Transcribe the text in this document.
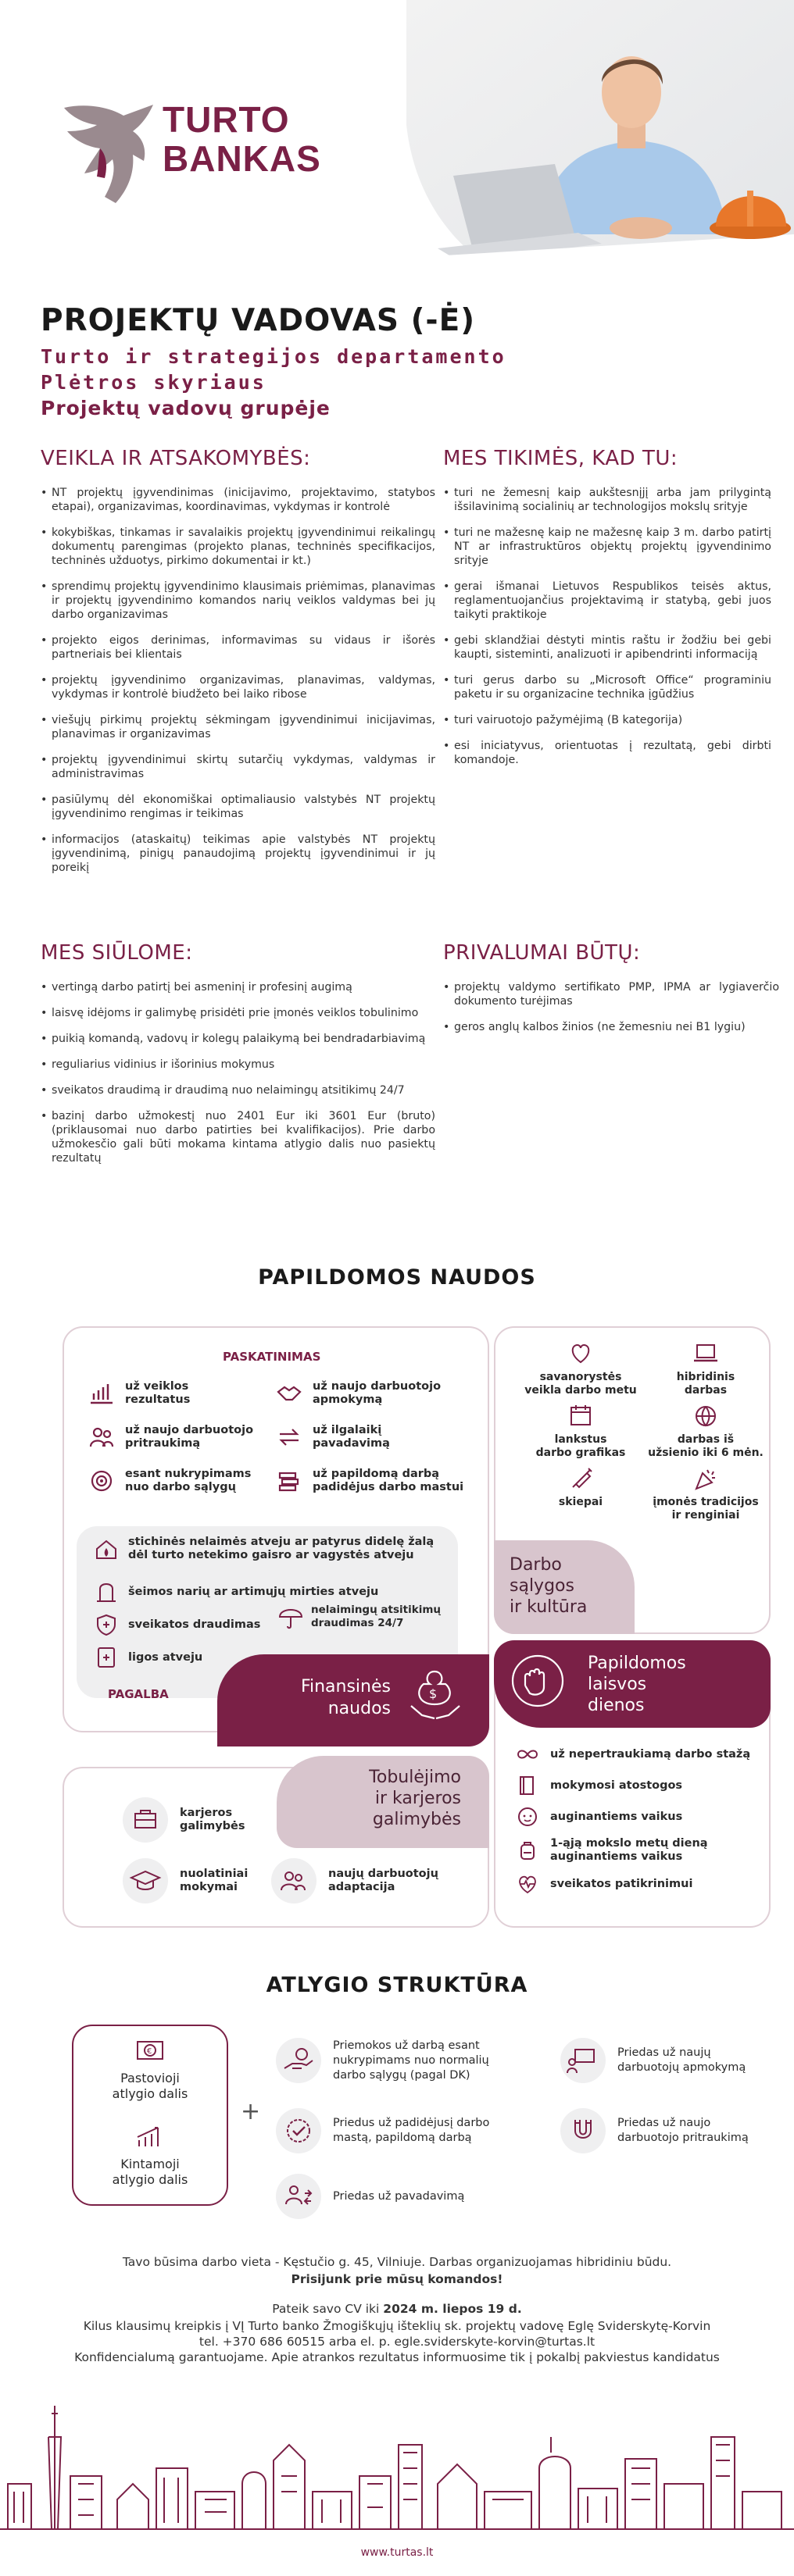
TURTO
BANKAS
PROJEKTŲ VADOVAS (-Ė)
Turto ir strategijos departamento
Plėtros skyriaus
Projektų vadovų grupėje
VEIKLA IR ATSAKOMYBĖS:
• NT projektų įgyvendinimas (inicijavimo, projektavimo, statybos etapai), organizavimas, koordinavimas, vykdymas ir kontrolė
• kokybiškas, tinkamas ir savalaikis projektų įgyvendinimui reikalingų dokumentų parengimas (projekto planas, techninės specifikacijos, techninės užduotys, pirkimo dokumentai ir kt.)
• sprendimų projektų įgyvendinimo klausimais priėmimas, planavimas ir projektų įgyvendinimo komandos narių veiklos valdymas bei jų darbo organizavimas
• projekto eigos derinimas, informavimas su vidaus ir išorės partneriais bei klientais
• projektų įgyvendinimo organizavimas, planavimas, valdymas, vykdymas ir kontrolė biudžeto bei laiko ribose
• viešųjų pirkimų projektų sėkmingam įgyvendinimui inicijavimas, planavimas ir organizavimas
• projektų įgyvendinimui skirtų sutarčių vykdymas, valdymas ir administravimas
• pasiūlymų dėl ekonomiškai optimaliausio valstybės NT projektų įgyvendinimo rengimas ir teikimas
• informacijos (ataskaitų) teikimas apie valstybės NT projektų įgyvendinimą, pinigų panaudojimą projektų įgyvendinimui ir jų poreikį
MES TIKIMĖS, KAD TU:
• turi ne žemesnį kaip aukštesnįjį arba jam prilygintą išsilavinimą socialinių ar technologijos mokslų srityje
• turi ne mažesnę kaip ne mažesnę kaip 3 m. darbo patirtį NT ar infrastruktūros objektų projektų įgyvendinimo srityje
• gerai išmanai Lietuvos Respublikos teisės aktus, reglamentuojančius projektavimą ir statybą, gebi juos taikyti praktikoje
• gebi sklandžiai dėstyti mintis raštu ir žodžiu bei gebi kaupti, sisteminti, analizuoti ir apibendrinti informaciją
• turi gerus darbo su „Microsoft Office“ programiniu paketu ir su organizacine technika įgūdžius
• turi vairuotojo pažymėjimą (B kategorija)
• esi iniciatyvus, orientuotas į rezultatą, gebi dirbti komandoje.
MES SIŪLOME:
• vertingą darbo patirtį bei asmeninį ir profesinį augimą
• laisvę idėjoms ir galimybę prisidėti prie įmonės veiklos tobulinimo
• puikią komandą, vadovų ir kolegų palaikymą bei bendradarbiavimą
• reguliarius vidinius ir išorinius mokymus
• sveikatos draudimą ir draudimą nuo nelaimingų atsitikimų 24/7
• bazinį darbo užmokestį nuo 2401 Eur iki 3601 Eur (bruto) (priklausomai nuo darbo patirties bei kvalifikacijos). Prie darbo užmokesčio gali būti mokama kintama atlygio dalis nuo pasiektų rezultatų
PRIVALUMAI BŪTŲ:
• projektų valdymo sertifikato PMP, IPMA ar lygiaverčio dokumento turėjimas
• geros anglų kalbos žinios (ne žemesniu nei B1 lygiu)
PAPILDOMOS NAUDOS
PASKATINIMAS
už veiklos
rezultatus
už naujo darbuotojo
apmokymą
už naujo darbuotojo
pritraukimą
už ilgalaikį
pavadavimą
esant nukrypimams
nuo darbo sąlygų
už papildomą darbą
padidėjus darbo mastui
stichinės nelaimės atveju ar patyrus didelę žalą dėl turto netekimo gaisro ar vagystės atveju
šeimos narių ar artimųjų mirties atveju
sveikatos draudimas
nelaimingų atsitikimų draudimas 24/7
ligos atveju
PAGALBA	Finansinės
naudos
$
savanorystės
veikla darbo metu
hibridinis
darbas
lankstus
darbo grafikas
darbas iš
užsienio iki 6 mėn.
skiepai	įmonės tradicijos
ir renginiai
Darbo
sąlygos
ir kultūra
Papildomos
laisvos
dienos
už nepertraukiamą darbo stažą
mokymosi atostogos
auginantiems vaikus
1-ąją mokslo metų dieną
auginantiems vaikus
sveikatos patikrinimui
Tobulėjimo
ir karjeros
galimybės
karjeros
galimybės
nuolatiniai
mokymai
naujų darbuotojų
adaptacija
ATLYGIO STRUKTŪRA
€
Pastovioji atlygio dalis
Kintamoji atlygio dalis
+
Priemokos už darbą esant nukrypimams nuo normalių darbo sąlygų (pagal DK)
Priedas už naujų darbuotojų apmokymą
Priedus už padidėjusį darbo mastą, papildomą darbą
Priedas už naujo darbuotojo pritraukimą
Priedas už pavadavimą
Tavo būsima darbo vieta - Kęstučio g. 45, Vilniuje. Darbas organizuojamas hibridiniu būdu.
Prisijunk prie mūsų komandos!
Pateik savo CV iki 2024 m. liepos 19 d.
Kilus klausimų kreipkis į VĮ Turto banko Žmogiškųjų išteklių sk. projektų vadovę Eglę Sviderskytę-Korvin
tel. +370 686 60515 arba el. p. egle.sviderskyte-korvin@turtas.lt
Konfidencialumą garantuojame. Apie atrankos rezultatus informuosime tik į pokalbį pakviestus kandidatus
www.turtas.lt
